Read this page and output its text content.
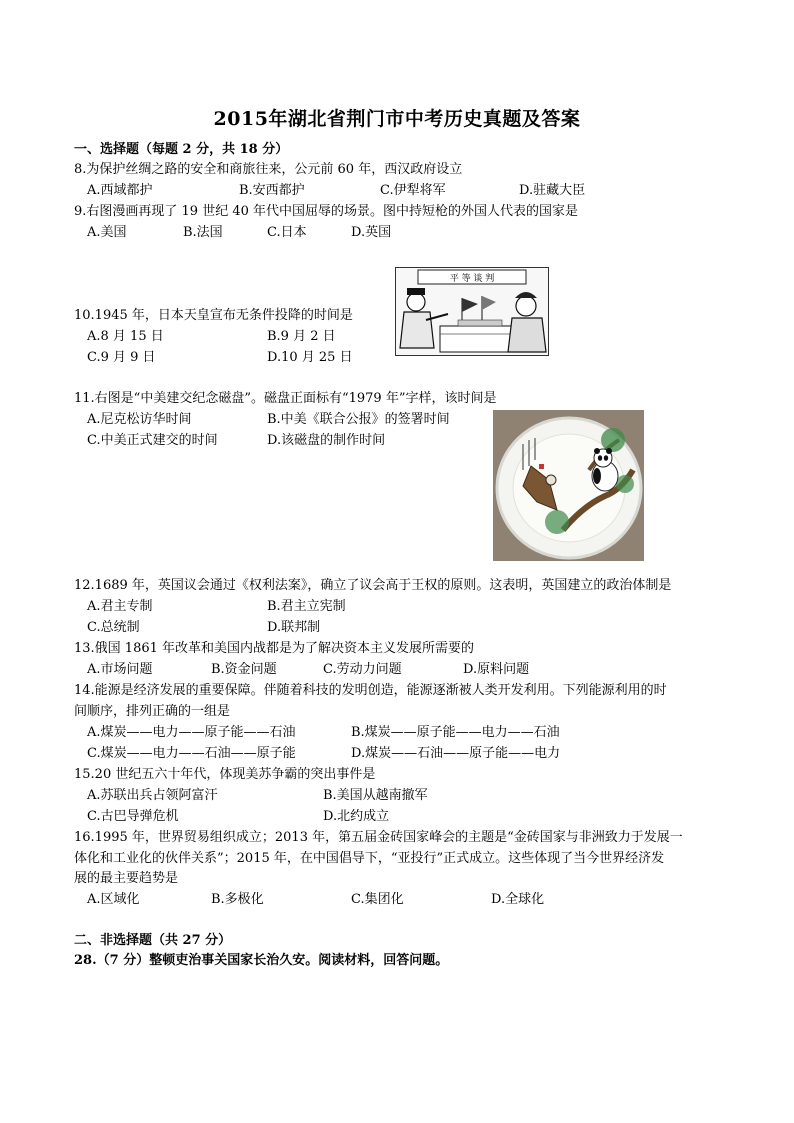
2015年湖北省荆门市中考历史真题及答案
一、选择题（每题 2 分，共 18 分）
8.为保护丝绸之路的安全和商旅往来，公元前 60 年，西汉政府设立
A.西域都护	B.安西都护	C.伊犁将军	D.驻藏大臣
9.右图漫画再现了 19 世纪 40 年代中国屈辱的场景。图中持短枪的外国人代表的国家是
A.美国	B.法国	C.日本	D.英国
平 等 谈 判
10.1945 年，日本天皇宣布无条件投降的时间是
A.8 月 15 日	B.9 月 2 日
C.9 月 9 日	D.10 月 25 日
11.右图是“中美建交纪念磁盘”。磁盘正面标有“1979 年”字样，该时间是
A.尼克松访华时间	B.中美《联合公报》的签署时间
C.中美正式建交的时间	D.该磁盘的制作时间
12.1689 年，英国议会通过《权利法案》，确立了议会高于王权的原则。这表明，英国建立的政治体制是
A.君主专制	B.君主立宪制
C.总统制	D.联邦制
13.俄国 1861 年改革和美国内战都是为了解决资本主义发展所需要的
A.市场问题	B.资金问题	C.劳动力问题	D.原料问题
14.能源是经济发展的重要保障。伴随着科技的发明创造，能源逐渐被人类开发利用。下列能源利用的时
间顺序，排列正确的一组是
A.煤炭——电力——原子能——石油	B.煤炭——原子能——电力——石油
C.煤炭——电力——石油——原子能	D.煤炭——石油——原子能——电力
15.20 世纪五六十年代，体现美苏争霸的突出事件是
A.苏联出兵占领阿富汗	B.美国从越南撤军
C.古巴导弹危机	D.北约成立
16.1995 年，世界贸易组织成立；2013 年，第五届金砖国家峰会的主题是“金砖国家与非洲致力于发展一
体化和工业化的伙伴关系”；2015 年，在中国倡导下，“亚投行”正式成立。这些体现了当今世界经济发
展的最主要趋势是
A.区域化	B.多极化	C.集团化	D.全球化
二、非选择题（共 27 分）
28.（7 分）整顿吏治事关国家长治久安。阅读材料，回答问题。
